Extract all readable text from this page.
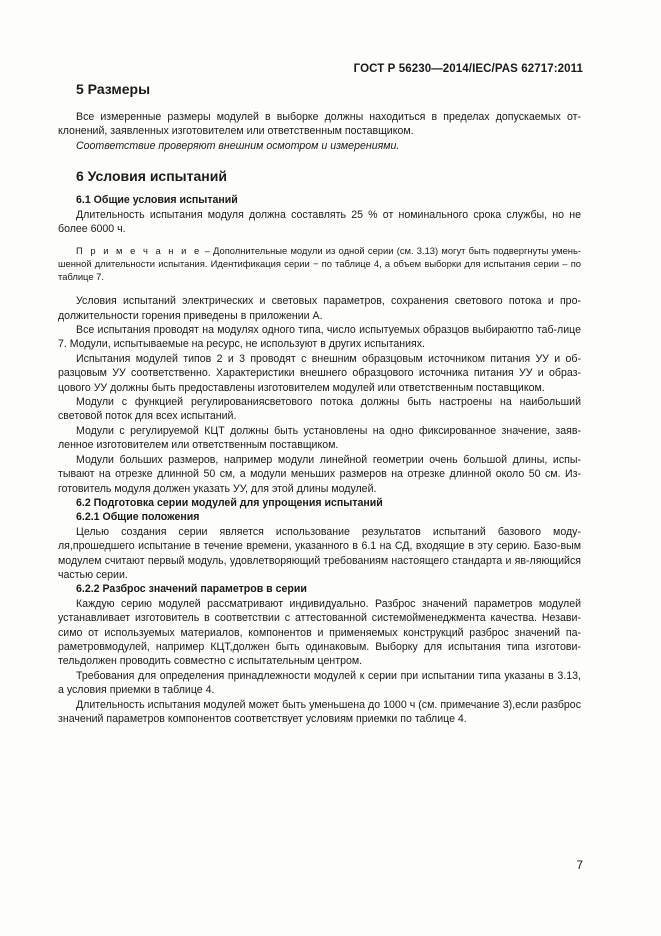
ГОСТ Р 56230—2014/IEC/PAS 62717:2011
5 Размеры

Все измеренные размеры модулей в выборке должны находиться в пределах допускаемых от-клонений, заявленных изготовителем или ответственным поставщиком.

Соответствие проверяют внешним осмотром и измерениями.

6 Условия испытаний

6.1 Общие условия испытаний

Длительность испытания модуля должна составлять 25 % от номинального срока службы, но не более 6000 ч.

П р и м е ч а н и е – Дополнительные модули из одной серии (см. 3.13) могут быть подвергнуты умень-шенной длительности испытания. Идентификация серии − по таблице 4, а объем выборки для испытания серии – по таблице 7.

Условия испытаний электрических и световых параметров, сохранения светового потока и про-должительности горения приведены в приложении А.

Все испытания проводят на модулях одного типа, число испытуемых образцов выбираютпо таб-лице 7. Модули, испытываемые на ресурс, не используют в других испытаниях.

Испытания модулей типов 2 и 3 проводят с внешним образцовым источником питания УУ и об-разцовым УУ соответственно. Характеристики внешнего образцового источника питания УУ и образ-цового УУ должны быть предоставлены изготовителем модулей или ответственным поставщиком.

Модули с функцией регулированиясветового потока должны быть настроены на наибольший световой поток для всех испытаний.

Модули с регулируемой КЦТ должны быть установлены на одно фиксированное значение, заяв-ленное изготовителем или ответственным поставщиком.

Модули больших размеров, например модули линейной геометрии очень большой длины, испы-тывают на отрезке длинной 50 см, а модули меньших размеров на отрезке длинной около 50 см. Из-готовитель модуля должен указать УУ, для этой длины модулей.

6.2 Подготовка серии модулей для упрощения испытаний

6.2.1 Общие положения

Целью создания серии является использование результатов испытаний базового моду-ля,прошедшего испытание в течение времени, указанного в 6.1 на СД, входящие в эту серию. Базо-вым модулем считают первый модуль, удовлетворяющий требованиям настоящего стандарта и яв-ляющийся частью серии.

6.2.2 Разброс значений параметров в серии

Каждую серию модулей рассматривают индивидуально. Разброс значений параметров модулей устанавливает изготовитель в соответствии с аттестованной системойменеджмента качества. Незави-симо от используемых материалов, компонентов и применяемых конструкций разброс значений па-раметровмодулей, например КЦТ,должен быть одинаковым. Выборку для испытания типа изготови-тельдолжен проводить совместно с испытательным центром.

Требования для определения принадлежности модулей к серии при испытании типа указаны в 3.13, а условия приемки в таблице 4.

Длительность испытания модулей может быть уменьшена до 1000 ч (см. примечание 3),если разброс значений параметров компонентов соответствует условиям приемки по таблице 4.

7
